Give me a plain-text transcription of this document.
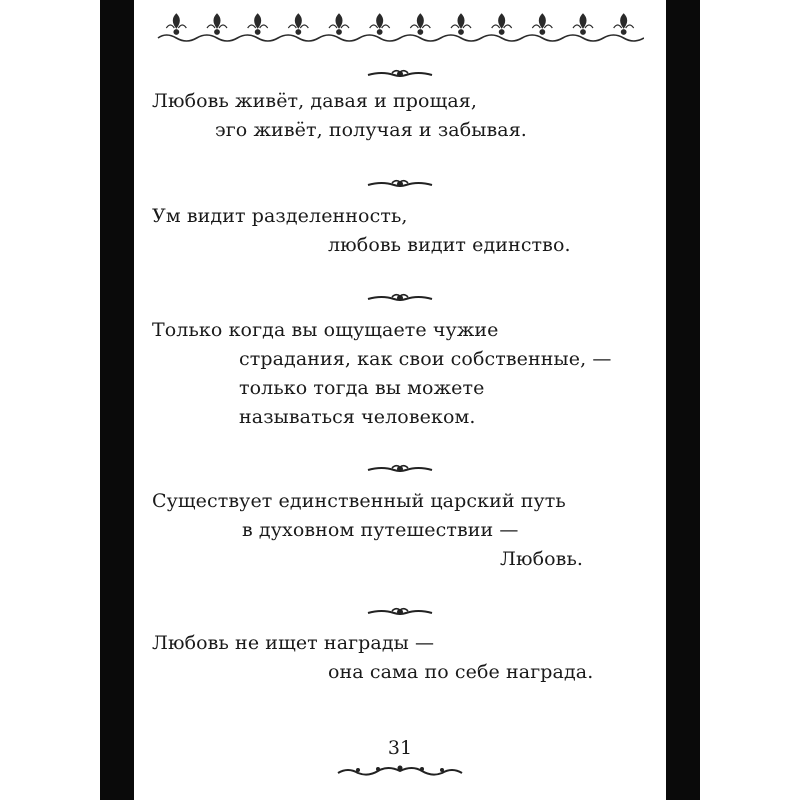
Любовь живёт, давая и прощая,
эго живёт, получая и забывая.
Ум видит разделенность,
любовь видит единство.
Только когда вы ощущаете чужие
страдания, как свои собственные, —
только тогда вы можете
называться человеком.
Существует единственный царский путь
в духовном путешествии —
Любовь.
Любовь не ищет награды —
она сама по себе награда.
31
